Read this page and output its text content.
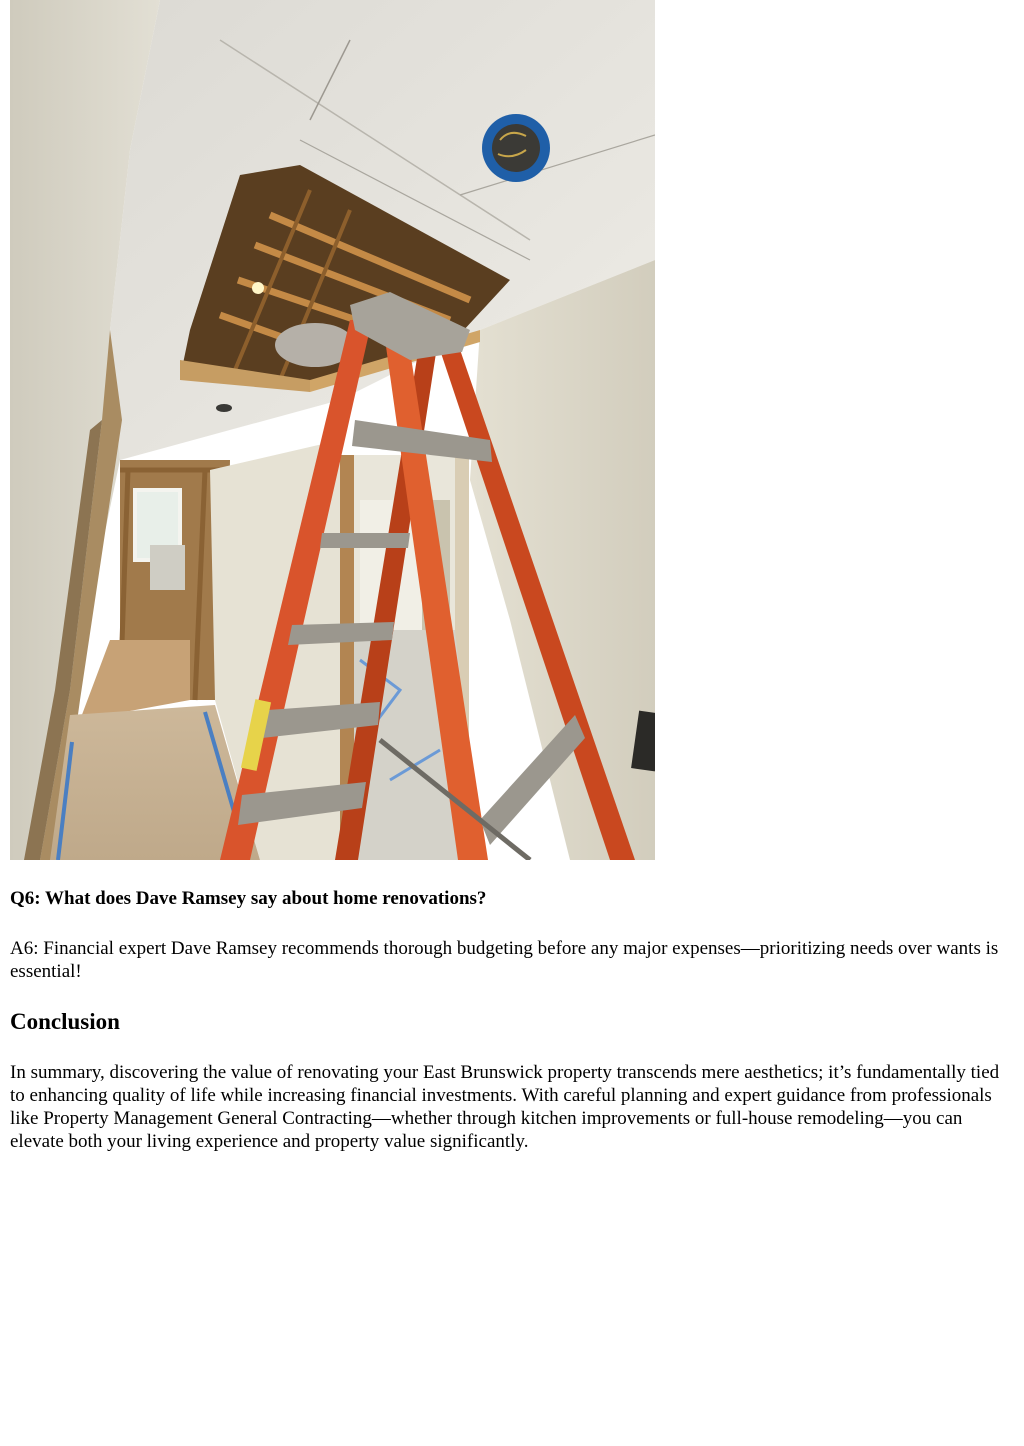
Q6: What does Dave Ramsey say about home renovations?

A6: Financial expert Dave Ramsey recommends thorough budgeting before any major expenses—prioritizing needs over wants is essential!

Conclusion

In summary, discovering the value of renovating your East Brunswick property transcends mere aesthetics; it’s fundamentally tied to enhancing quality of life while increasing financial investments. With careful planning and expert guidance from professionals like Property Management General Contracting—whether through kitchen improvements or full-house remodeling—you can elevate both your living experience and property value significantly.
